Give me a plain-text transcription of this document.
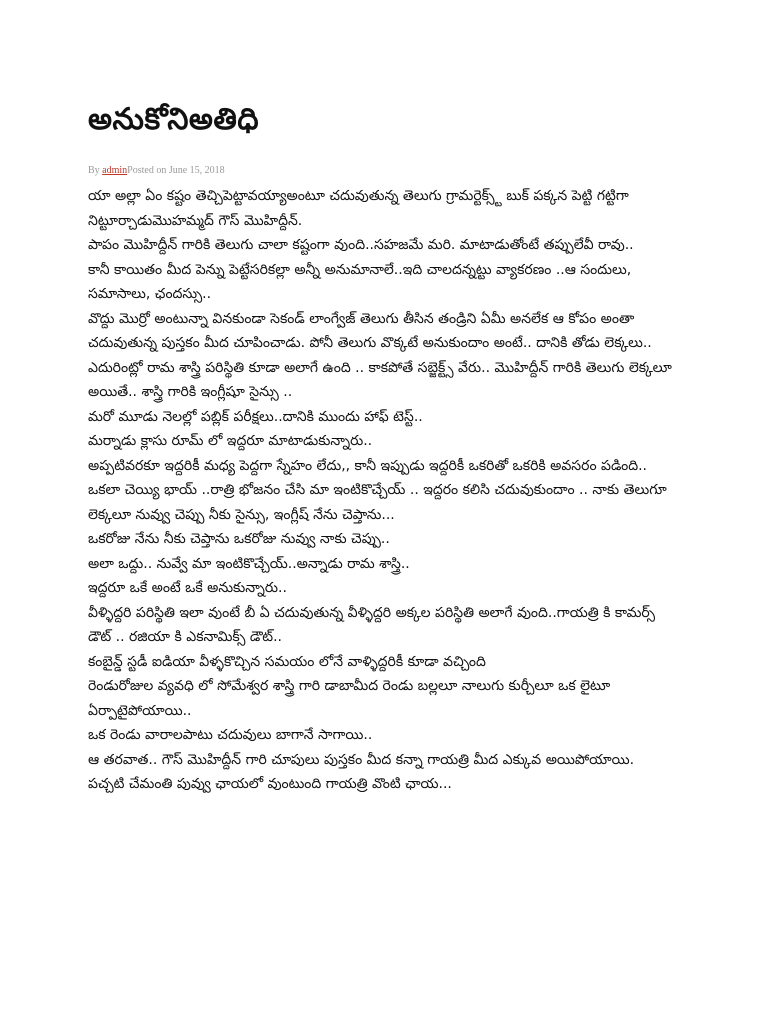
అనుకోనిఅతిధి
By adminPosted on June 15, 2018

యా అల్లా ఏం కష్టం తెచ్చిపెట్టావయ్యాఅంటూ చదువుతున్న తెలుగు గ్రామర్టెక్స్ట్ బుక్ పక్కన పెట్టి గట్టిగా నిట్టూర్చాడుమొహమ్మద్ గౌస్ మొహిద్దీన్.

పాపం మొహిద్దీన్ గారికి తెలుగు చాలా కష్టంగా వుంది..సహజమే మరి. మాటాడుతోంటే తప్పులేవీ రావు..

కానీ కాయితం మీద పెన్ను పెట్టేసరికల్లా అన్నీ అనుమానాలే..ఇది చాలదన్నట్టు వ్యాకరణం ..ఆ సందులు, సమాసాలు, ఛందస్సు..

వొద్దు మొర్రో అంటున్నా వినకుండా సెకండ్ లాంగ్వేజ్ తెలుగు తీసిన తండ్రిని ఏమీ అనలేక ఆ కోపం అంతా చదువుతున్న పుస్తకం మీద చూపించాడు. పోనీ తెలుగు వొక్కటే అనుకుందాం అంటే.. దానికి తోడు లెక్కలు..

ఎదురింట్లో రామ శాస్త్రి పరిస్థితి కూడా అలాగే ఉంది .. కాకపోతే సబ్జెక్ట్స్ వేరు.. మొహిద్దీన్ గారికి తెలుగు లెక్కలూ అయితే.. శాస్త్రి గారికి ఇంగ్లీషూ సైన్సు ..

మరో మూడు నెలల్లో పబ్లిక్ పరీక్షలు..దానికి ముందు హాఫ్ టెస్ట్..

మర్నాడు క్లాసు రూమ్ లో ఇద్దరూ మాటాడుకున్నారు..

అప్పటివరకూ ఇద్దరికీ మధ్య పెద్దగా స్నేహం లేదు,, కానీ ఇప్పుడు ఇద్దరికీ ఒకరితో ఒకరికి అవసరం పడింది..

ఒకలా చెయ్యి భాయ్ ..రాత్రి భోజనం చేసి మా ఇంటికొచ్చేయ్ .. ఇద్దరం కలిసి చదువుకుందాం .. నాకు తెలుగూ లెక్కలూ నువ్వు చెప్పు నీకు సైన్సు, ఇంగ్లీష్ నేను చెప్తాను...

ఒకరోజు నేను నీకు చెప్తాను ఒకరోజు నువ్వు నాకు చెప్పు..

అలా ఒద్దు.. నువ్వే మా ఇంటికొచ్చేయ్..అన్నాడు రామ శాస్త్రి..

ఇద్దరూ ఒకే అంటే ఒకే అనుకున్నారు..

వీళ్ళిద్దరి పరిస్థితి ఇలా వుంటే బీ ఏ చదువుతున్న వీళ్ళిద్దరి అక్కల పరిస్థితి అలాగే వుంది..గాయత్రి కి కామర్స్ డౌట్ .. రజియా కి ఎకనామిక్స్ డౌట్..

కంబైన్డ్ స్టడీ ఐడియా వీళ్ళకొచ్చిన సమయం లోనే వాళ్ళిద్దరికీ కూడా వచ్చింది

రెండురోజుల వ్యవధి లో సోమేశ్వర శాస్త్రి గారి డాబామీద రెండు బల్లలూ నాలుగు కుర్చీలూ ఒక లైటూ ఏర్పాటైపోయాయి..

ఒక రెండు వారాలపాటు చదువులు బాగానే సాగాయి..

ఆ తరవాత.. గౌస్ మొహిద్దీన్ గారి చూపులు పుస్తకం మీద కన్నా గాయత్రి మీద ఎక్కువ అయిపోయాయి.

పచ్చటి చేమంతి పువ్వు ఛాయలో వుంటుంది గాయత్రి వొంటి ఛాయ...
